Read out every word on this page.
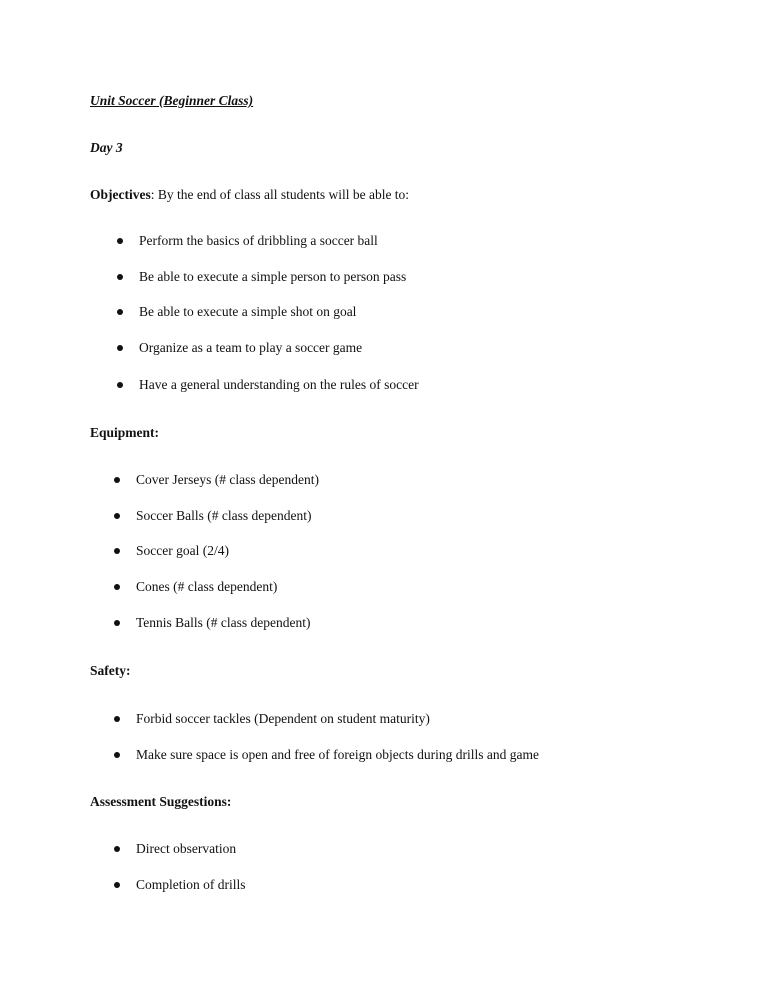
Unit Soccer (Beginner Class)
Day 3
Objectives: By the end of class all students will be able to:
Perform the basics of dribbling a soccer ball
Be able to execute a simple person to person pass
Be able to execute a simple shot on goal
Organize as a team to play a soccer game
Have a general understanding on the rules of soccer
Equipment:
Cover Jerseys (# class dependent)
Soccer Balls (# class dependent)
Soccer goal (2/4)
Cones (# class dependent)
Tennis Balls (# class dependent)
Safety:
Forbid soccer tackles (Dependent on student maturity)
Make sure space is open and free of foreign objects during drills and game
Assessment Suggestions:
Direct observation
Completion of drills
